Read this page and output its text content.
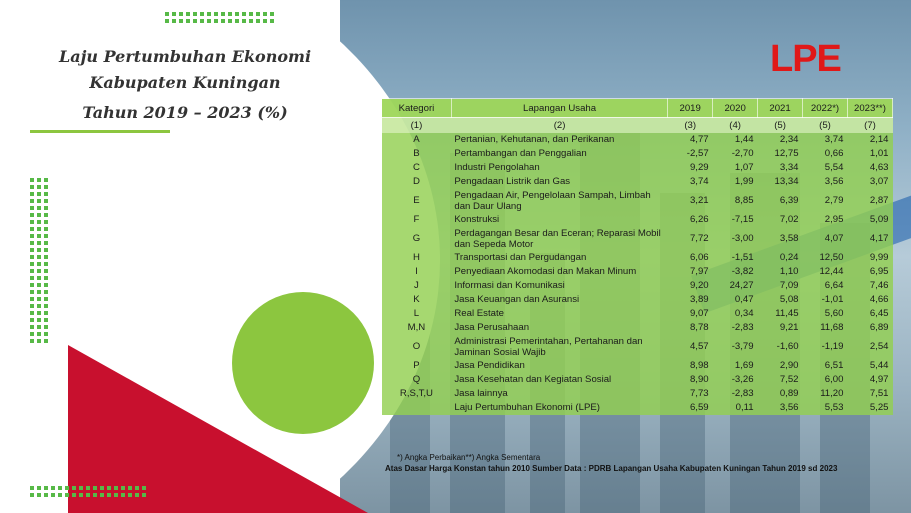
Laju Pertumbuhan Ekonomi
Kabupaten Kuningan
Tahun 2019 – 2023 (%)
LPE
Kategori	Lapangan Usaha	2019	2020	2021	2022*)	2023**)
(1)	(2)	(3)	(4)	(5)	(5)	(7)
A	Pertanian, Kehutanan, dan Perikanan	4,77	1,44	2,34	3,74	2,14
B	Pertambangan dan Penggalian	-2,57	-2,70	12,75	0,66	1,01
C	Industri Pengolahan	9,29	1,07	3,34	5,54	4,63
D	Pengadaan Listrik dan Gas	3,74	1,99	13,34	3,56	3,07
E	Pengadaan Air, Pengelolaan Sampah, Limbah dan Daur Ulang	3,21	8,85	6,39	2,79	2,87
F	Konstruksi	6,26	-7,15	7,02	2,95	5,09
G	Perdagangan Besar dan Eceran; Reparasi Mobil dan Sepeda Motor	7,72	-3,00	3,58	4,07	4,17
H	Transportasi dan Pergudangan	6,06	-1,51	0,24	12,50	9,99
I	Penyediaan Akomodasi dan Makan Minum	7,97	-3,82	1,10	12,44	6,95
J	Informasi dan Komunikasi	9,20	24,27	7,09	6,64	7,46
K	Jasa Keuangan dan Asuransi	3,89	0,47	5,08	-1,01	4,66
L	Real Estate	9,07	0,34	11,45	5,60	6,45
M,N	Jasa Perusahaan	8,78	-2,83	9,21	11,68	6,89
O	Administrasi Pemerintahan, Pertahanan dan Jaminan Sosial Wajib	4,57	-3,79	-1,60	-1,19	2,54
P	Jasa Pendidikan	8,98	1,69	2,90	6,51	5,44
Q	Jasa Kesehatan dan Kegiatan Sosial	8,90	-3,26	7,52	6,00	4,97
R,S,T,U	Jasa lainnya	7,73	-2,83	0,89	11,20	7,51
	Laju Pertumbuhan Ekonomi (LPE)	6,59	0,11	3,56	5,53	5,25
*) Angka Perbaikan**) Angka Sementara
Atas Dasar Harga Konstan tahun 2010 Sumber Data : PDRB Lapangan Usaha Kabupaten Kuningan Tahun 2019 sd 2023
